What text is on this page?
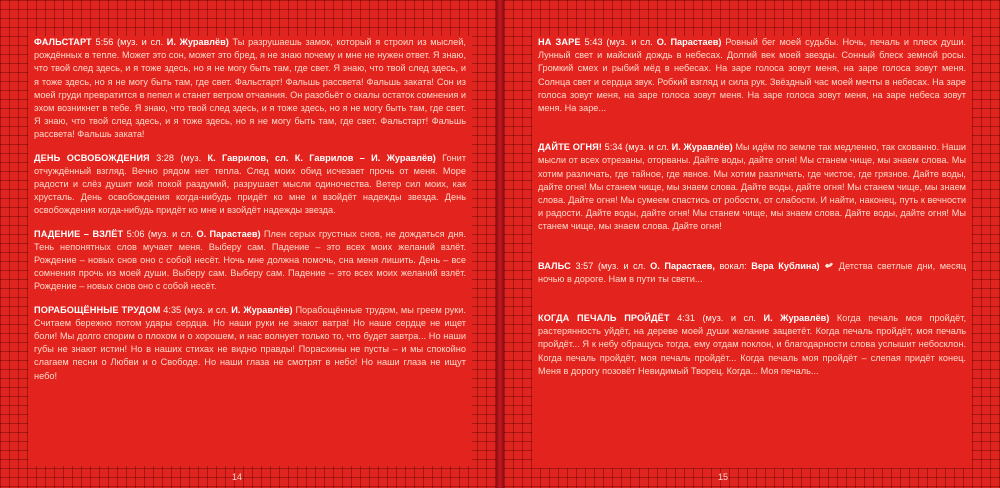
ФАЛЬСТАРТ 5:56 (муз. и сл. И. Журавлёв) Ты разрушаешь замок, который я строил из мыслей, рождённых в тепле. Может это сон, может это бред, я не знаю почему и мне не нужен ответ. Я знаю, что твой след здесь, и я тоже здесь, но я не могу быть там, где свет. Я знаю, что твой след здесь, и я тоже здесь, но я не могу быть там, где свет. Фальстарт! Фальшь рассвета! Фальшь заката! Сон из моей груди превратится в пепел и станет ветром отчаяния. Он разобьёт о скалы остаток сомнения и эхом возникнет в тебе. Я знаю, что твой след здесь, и я тоже здесь, но я не могу быть там, где свет. Я знаю, что твой след здесь, и я тоже здесь, но я не могу быть там, где свет. Фальстарт! Фальшь рассвета! Фальшь заката!

ДЕНЬ ОСВОБОЖДЕНИЯ 3:28 (муз. К. Гаврилов, сл. К. Гаврилов – И. Журавлёв) Гонит отчуждённый взгляд. Вечно рядом нет тепла. След моих обид исчезает прочь от меня. Море радости и слёз душит мой покой раздумий, разрушает мысли одиночества. Ветер сил моих, как хрусталь. День освобождения когда-нибудь придёт ко мне и взойдёт надежды звезда. День освобождения когда-нибудь придёт ко мне и взойдёт надежды звезда.

ПАДЕНИЕ – ВЗЛЁТ 5:06 (муз. и сл. О. Парастаев) Плен серых грустных снов, не дождаться дня. Тень непонятных слов мучает меня. Выберу сам. Падение – это всех моих желаний взлёт. Рождение – новых снов оно с собой несёт. Ночь мне должна помочь, сна меня лишить. День – все сомнения прочь из моей души. Выберу сам. Выберу сам. Падение – это всех моих желаний взлёт. Рождение – новых снов оно с собой несёт.

ПОРАБОЩЁННЫЕ ТРУДОМ 4:35 (муз. и сл. И. Журавлёв) Порабощённые трудом, мы греем руки. Считаем бережно потом удары сердца. Но наши руки не знают ватра! Но наше сердце не ищет боли! Мы долго спорим о плохом и о хорошем, и нас волнует только то, что будет завтра... Но наши губы не знают истин! Но в наших стихах не видно правды! Порасхины не пусты – и мы спокойно слагаем песни о Любви и о Свободе. Но наши глаза не смотрят в небо! Но наши глаза не ищут небо!

14

НА ЗАРЕ 5:43 (муз. и сл. О. Парастаев) Ровный бег моей судьбы. Ночь, печаль и плеск души. Лунный свет и майский дождь в небесах. Долгий век моей звезды. Сонный блеск земной росы. Громкий смех и рыбий мёд в небесах. На заре голоса зовут меня, на заре голоса зовут меня. Солнца свет и сердца звук. Робкий взгляд и сила рук. Звёздный час моей мечты в небесах. На заре голоса зовут меня, на заре голоса зовут меня. На заре голоса зовут меня, на заре небеса зовут меня. На заре...

ДАЙТЕ ОГНЯ! 5:34 (муз. и сл. И. Журавлёв) Мы идём по земле так медленно, так скованно. Наши мысли от всех отрезаны, оторваны. Дайте воды, дайте огня! Мы станем чище, мы знаем слова. Мы хотим различать, где тайное, где явное. Мы хотим различать, где чистое, где грязное. Дайте воды, дайте огня! Мы станем чище, мы знаем слова. Дайте воды, дайте огня! Мы станем чище, мы знаем слова. Дайте огня! Мы сумеем спастись от робости, от слабости. И найти, наконец, путь к вечности и радости. Дайте воды, дайте огня! Мы станем чище, мы знаем слова. Дайте воды, дайте огня! Мы станем чище, мы знаем слова. Дайте огня!

ВАЛЬС 3:57 (муз. и сл. О. Парастаев, вокал: Вера Кублина) Детства светлые дни, месяц ночью в дороге. Нам в пути ты свети...

КОГДА ПЕЧАЛЬ ПРОЙДЁТ 4:31 (муз. и сл. И. Журавлёв) Когда печаль моя пройдёт, растерянность уйдёт, на дереве моей души желание зацветёт. Когда печаль пройдёт, моя печаль пройдёт... Я к небу обращусь тогда, ему отдам поклон, и благодарности слова услышит небосклон. Когда печаль пройдёт, моя печаль пройдёт... Когда печаль моя пройдёт – слепая придёт конец. Меня в дорогу позовёт Невидимый Творец. Когда... Моя печаль...

15
